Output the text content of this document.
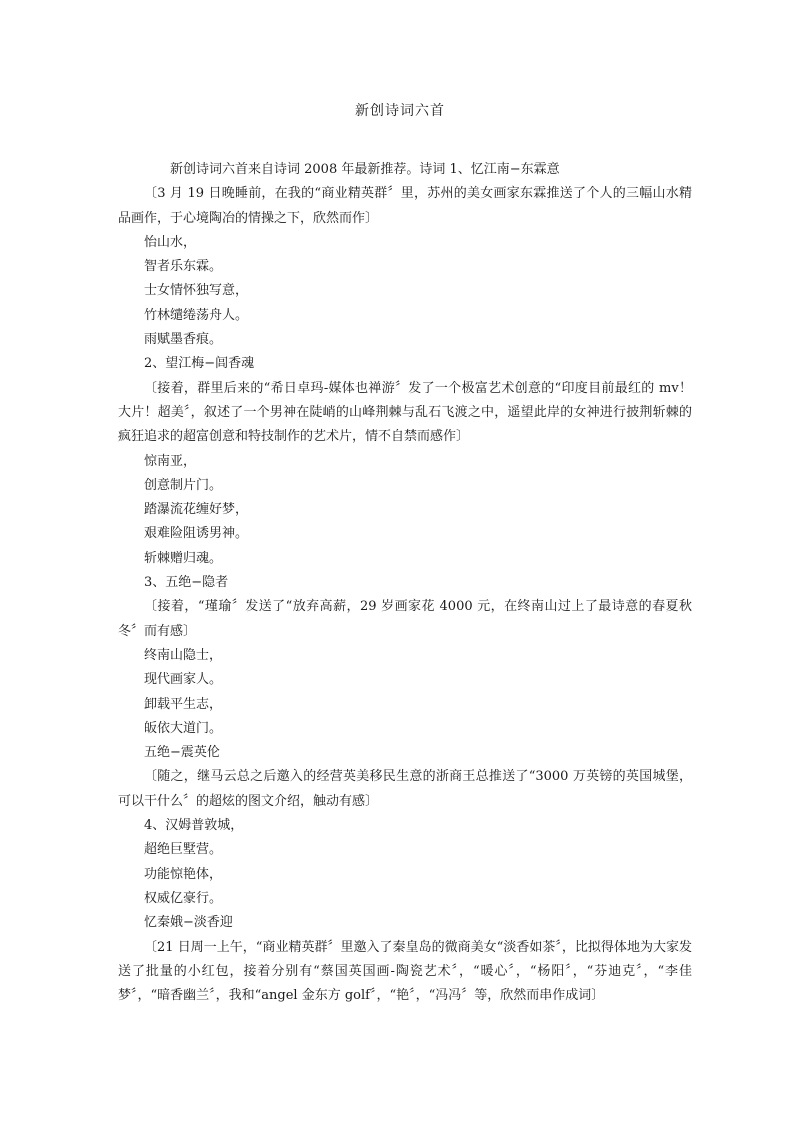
新创诗词六首

新创诗词六首来自诗词 2008 年最新推荐。诗词 1、忆江南−东霖意

〔3 月 19 日晚睡前，在我的“商业精英群〞里，苏州的美女画家东霖推送了个人的三幅山水精品画作，于心境陶冶的情操之下，欣然而作〕

怡山水，

智者乐东霖。

士女情怀独写意，

竹林缱绻荡舟人。

雨赋墨香痕。

2、望江梅−闾香魂

〔接着，群里后来的“希日卓玛-媒体也禅游〞发了一个极富艺术创意的“印度目前最红的 mv！大片！超美〞，叙述了一个男神在陡峭的山峰荆棘与乱石飞渡之中，遥望此岸的女神进行披荆斩棘的疯狂追求的超富创意和特技制作的艺术片，情不自禁而感作〕

惊南亚，

创意制片门。

踏瀑流花缠好梦，

艰难险阻诱男神。

斩棘赠归魂。

3、五绝−隐者

〔接着，“瑾瑜〞发送了“放弃高薪，29 岁画家花 4000 元，在终南山过上了最诗意的春夏秋冬〞而有感〕

终南山隐士，

现代画家人。

卸载平生志，

皈依大道门。

五绝−震英伦

〔随之，继马云总之后邀入的经营英美移民生意的浙商王总推送了“3000 万英镑的英国城堡，可以干什么〞的超炫的图文介绍，触动有感〕

4、汉姆普敦城，

超绝巨墅营。

功能惊艳体，

权威亿豪行。

忆秦娥−淡香迎

〔21 日周一上午，“商业精英群〞里邀入了秦皇岛的微商美女“淡香如茶〞，比拟得体地为大家发送了批量的小红包，接着分别有“蔡国英国画-陶瓷艺术〞，“暖心〞，“杨阳〞，“芬迪克〞，“李佳梦〞，“暗香幽兰〞，我和“angel 金东方 golf〞，“艳〞，“冯冯〞等，欣然而串作成词〕
